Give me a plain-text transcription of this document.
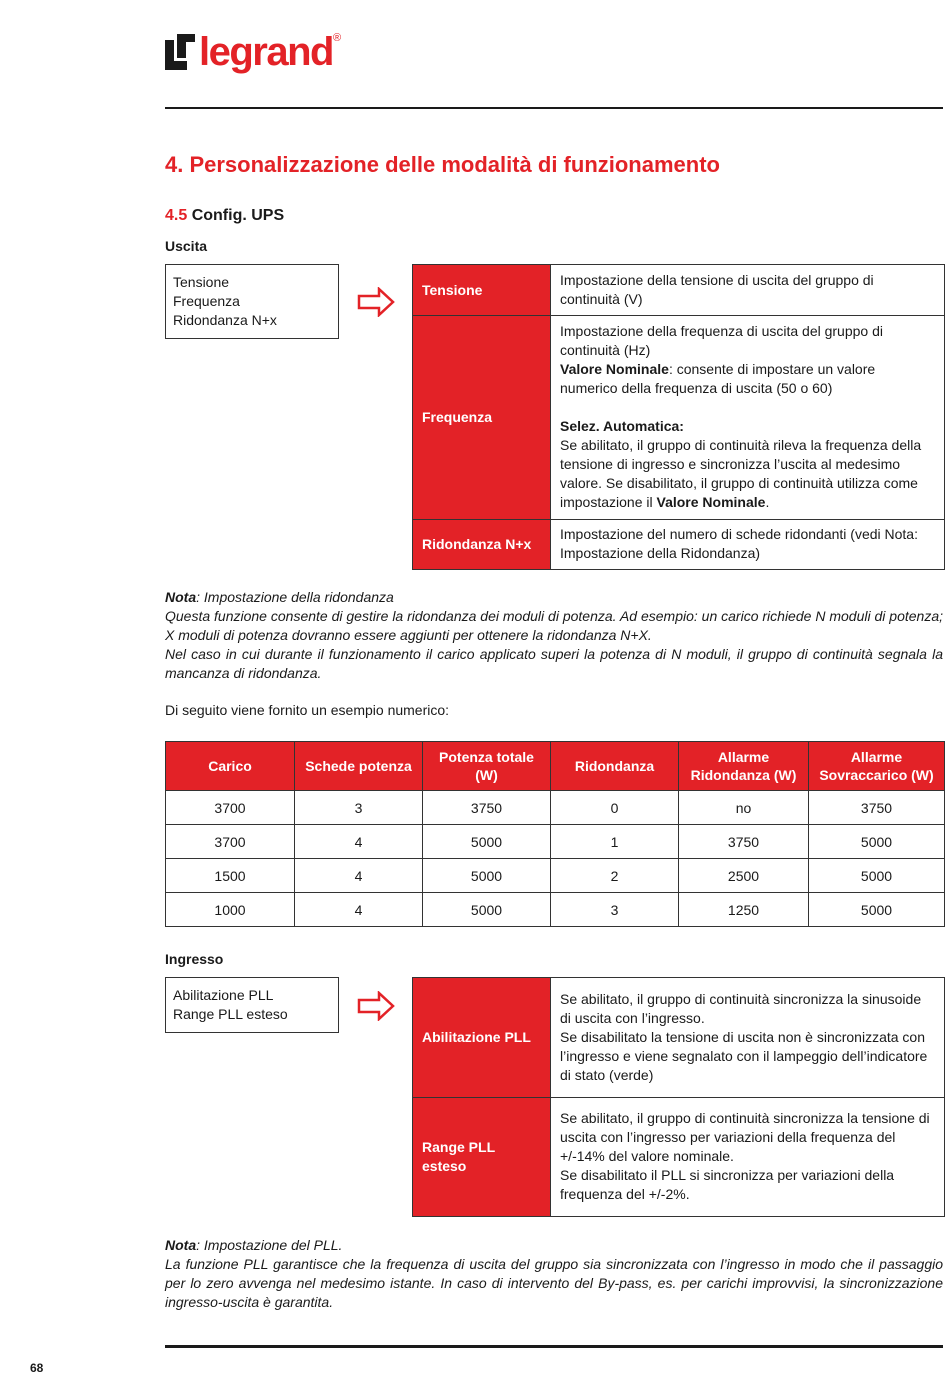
legrand ®
4. Personalizzazione delle modalità di funzionamento
4.5 Config. UPS
Uscita
Tensione
Frequenza
Ridondanza N+x
Tensione	Impostazione della tensione di uscita del gruppo di continuità (V)
Frequenza	Impostazione della frequenza di uscita del gruppo di continuità (Hz)
Valore Nominale: consente di impostare un valore numerico della frequenza di uscita (50 o 60)
Selez. Automatica:
Se abilitato, il gruppo di continuità rileva la frequenza della tensione di ingresso e sincronizza l’uscita al medesimo valore. Se disabilitato, il gruppo di continuità utilizza come impostazione il Valore Nominale.

Ridondanza N+x	Impostazione del numero di schede ridondanti (vedi Nota: Impostazione della Ridondanza)
Nota: Impostazione della ridondanza
Questa funzione consente di gestire la ridondanza dei moduli di potenza. Ad esempio: un carico richiede N moduli di potenza; X moduli di potenza dovranno essere aggiunti per ottenere la ridondanza N+X.
Nel caso in cui durante il funzionamento il carico applicato superi la potenza di N moduli, il gruppo di continuità segnala la mancanza di ridondanza.
Di seguito viene fornito un esempio numerico:
Carico	Schede potenza	Potenza totale (W)	Ridondanza	Allarme Ridondanza (W)	Allarme Sovraccarico (W)
3700	3	3750	0	no	3750
3700	4	5000	1	3750	5000
1500	4	5000	2	2500	5000
1000	4	5000	3	1250	5000
Ingresso
Abilitazione PLL
Range PLL esteso
Abilitazione PLL	Se abilitato, il gruppo di continuità sincronizza la sinusoide di uscita con l’ingresso.
Se disabilitato la tensione di uscita non è sincronizzata con l’ingresso e viene segnalato con il lampeggio dell’indicatore di stato (verde)

Range PLL esteso	Se abilitato, il gruppo di continuità sincronizza la tensione di uscita con l’ingresso per variazioni della frequenza del +/-14% del valore nominale.
Se disabilitato il PLL si sincronizza per variazioni della frequenza del +/-2%.
Nota: Impostazione del PLL.
La funzione PLL garantisce che la frequenza di uscita del gruppo sia sincronizzata con l’ingresso in modo che il passaggio per lo zero avvenga nel medesimo istante. In caso di intervento del By-pass, es. per carichi improvvisi, la sincronizzazione ingresso-uscita è garantita.
68
